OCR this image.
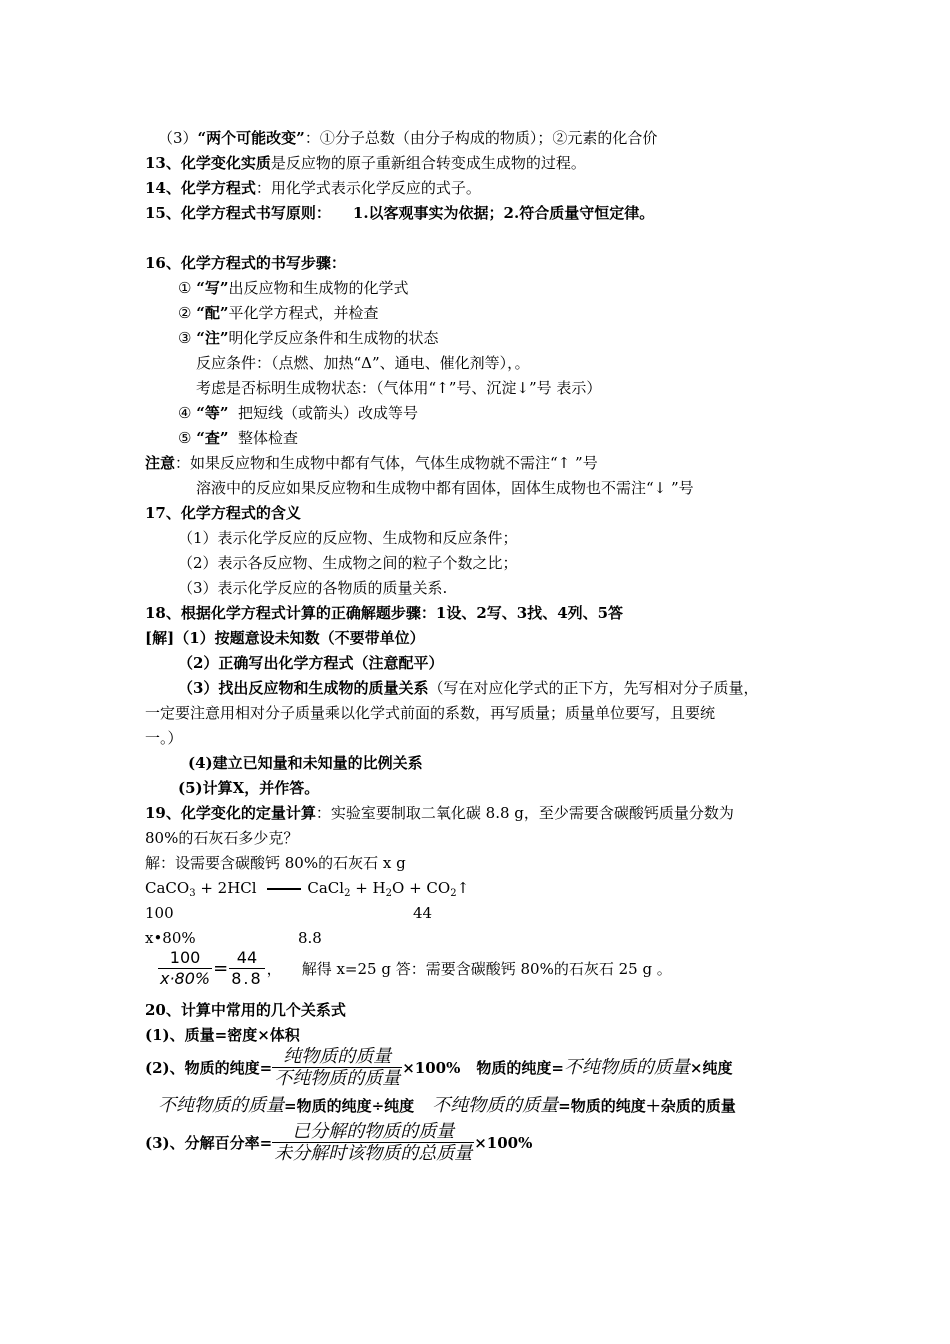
（3）“两个可能改变”：①分子总数（由分子构成的物质）；②元素的化合价
13、化学变化实质是反应物的原子重新组合转变成生成物的过程。
14、化学方程式：用化学式表示化学反应的式子。
15、化学方程式书写原则： 1.以客观事实为依据；2.符合质量守恒定律。
16、化学方程式的书写步骤：
① “写”出反应物和生成物的化学式
② “配”平化学方程式，并检查
③ “注”明化学反应条件和生成物的状态
反应条件：（点燃、加热“Δ”、通电、催化剂等），。
考虑是否标明生成物状态：（气体用“↑”号、沉淀↓”号 表示）
④ “等” 把短线（或箭头）改成等号
⑤ “查” 整体检查
注意：如果反应物和生成物中都有气体，气体生成物就不需注“↑ ”号
溶液中的反应如果反应物和生成物中都有固体，固体生成物也不需注“↓ ”号
17、化学方程式的含义
（1）表示化学反应的反应物、生成物和反应条件；
（2）表示各反应物、生成物之间的粒子个数之比；
（3）表示化学反应的各物质的质量关系.
18、根据化学方程式计算的正确解题步骤：1设、2写、3找、4列、5答
[解]（1）按题意设未知数（不要带单位）
（2）正确写出化学方程式（注意配平）
（3）找出反应物和生成物的质量关系（写在对应化学式的正下方，先写相对分子质量，
一定要注意用相对分子质量乘以化学式前面的系数，再写质量；质量单位要写，且要统
一。）
(4)建立已知量和未知量的比例关系
(5)计算X，并作答。
19、化学变化的定量计算：实验室要制取二氧化碳 8.8 g，至少需要含碳酸钙质量分数为
80%的石灰石多少克？
解：设需要含碳酸钙 80%的石灰石 x g
CaCO$_3$ + 2HCl	CaCl$_2$ + $H_2O$ + $CO_2↑$
100	44
x•80%	8.8
$\frac{100}{x\cdot 80\%} = \frac{44}{8.8}$ ， 解得 x=25 g 答：需要含碳酸钙 80%的石灰石 25 g 。
20、计算中常用的几个关系式
(1)、质量=密度×体积
(2)、物质的纯度= $\frac{\text{纯物质的质量}}{\text{不纯物质的质量}} \times 100\%$ 物质的纯度= 不纯物质的质量 ×纯度
不纯物质的质量=物质的纯度÷纯度 不纯物质的质量=物质的纯度＋杂质的质量
(3)、分解百分率= $\frac{\text{已分解的物质的质量}}{\text{未分解时该物质的总质量}} \times 100\%$
